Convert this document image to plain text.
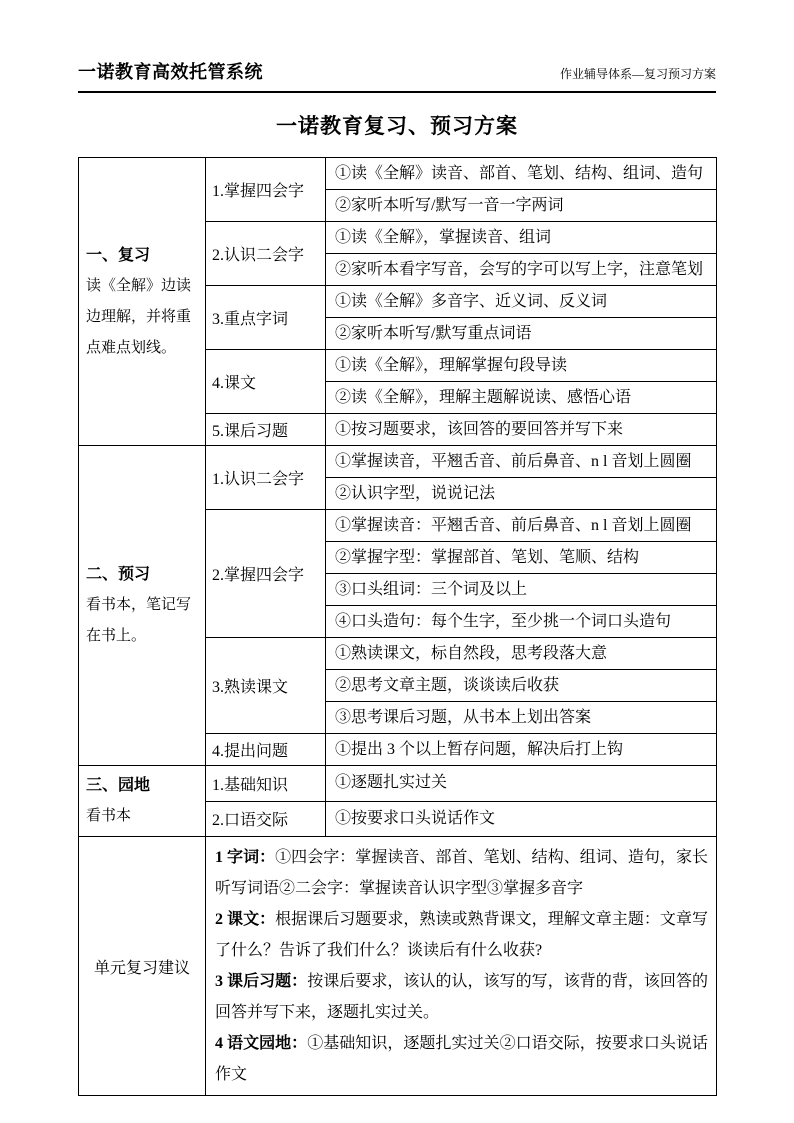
一诺教育高效托管系统	作业辅导体系—复习预习方案
一诺教育复习、预习方案
一、复习
读《全解》边读边理解，并将重点难点划线。	1.掌握四会字	①读《全解》读音、部首、笔划、结构、组词、造句
		②家听本听写/默写一音一字两词
	2.认识二会字	①读《全解》，掌握读音、组词
		②家听本看字写音，会写的字可以写上字，注意笔划
	3.重点字词	①读《全解》多音字、近义词、反义词
		②家听本听写/默写重点词语
	4.课文	①读《全解》，理解掌握句段导读
		②读《全解》，理解主题解说读、感悟心语
	5.课后习题	①按习题要求，该回答的要回答并写下来

二、预习
看书本，笔记写在书上。	1.认识二会字	①掌握读音，平翘舌音、前后鼻音、n l 音划上圆圈
		②认识字型，说说记法
	2.掌握四会字	①掌握读音：平翘舌音、前后鼻音、n l 音划上圆圈
		②掌握字型：掌握部首、笔划、笔顺、结构
		③口头组词：三个词及以上
		④口头造句：每个生字，至少挑一个词口头造句
	3.熟读课文	①熟读课文，标自然段，思考段落大意
		②思考文章主题，谈谈读后收获
		③思考课后习题，从书本上划出答案
	4.提出问题	①提出 3 个以上暂存问题，解决后打上钩

三、园地
看书本	1.基础知识	①逐题扎实过关
	2.口语交际	①按要求口头说话作文
单元复习建议	1 字词：①四会字：掌握读音、部首、笔划、结构、组词、造句，家长听写词语②二会字：掌握读音认识字型③掌握多音字

2 课文：根据课后习题要求，熟读或熟背课文，理解文章主题：文章写了什么？告诉了我们什么？谈读后有什么收获?

3 课后习题：按课后要求，该认的认，该写的写，该背的背，该回答的回答并写下来，逐题扎实过关。

4 语文园地：①基础知识，逐题扎实过关②口语交际，按要求口头说话作文	
